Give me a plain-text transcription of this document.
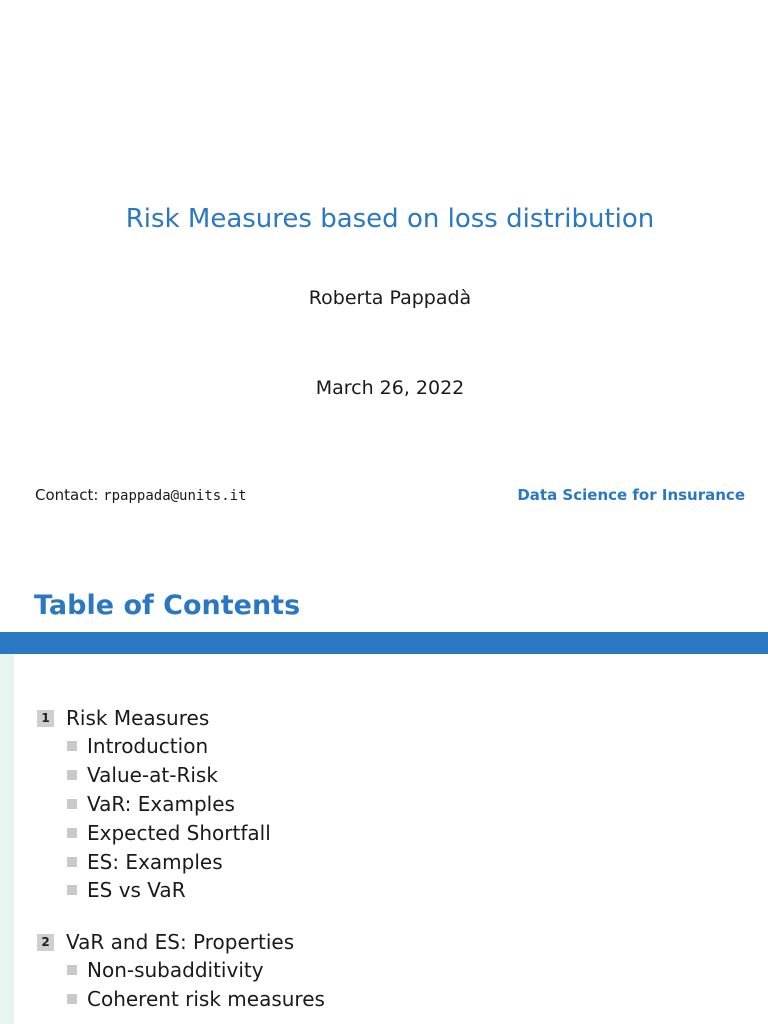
Risk Measures based on loss distribution
Roberta Pappadà
March 26, 2022
Contact: rpappada@units.it	Data Science for Insurance
Table of Contents
1 Risk Measures
Introduction
Value-at-Risk
VaR: Examples
Expected Shortfall
ES: Examples
ES vs VaR
2 VaR and ES: Properties
Non-subadditivity
Coherent risk measures
